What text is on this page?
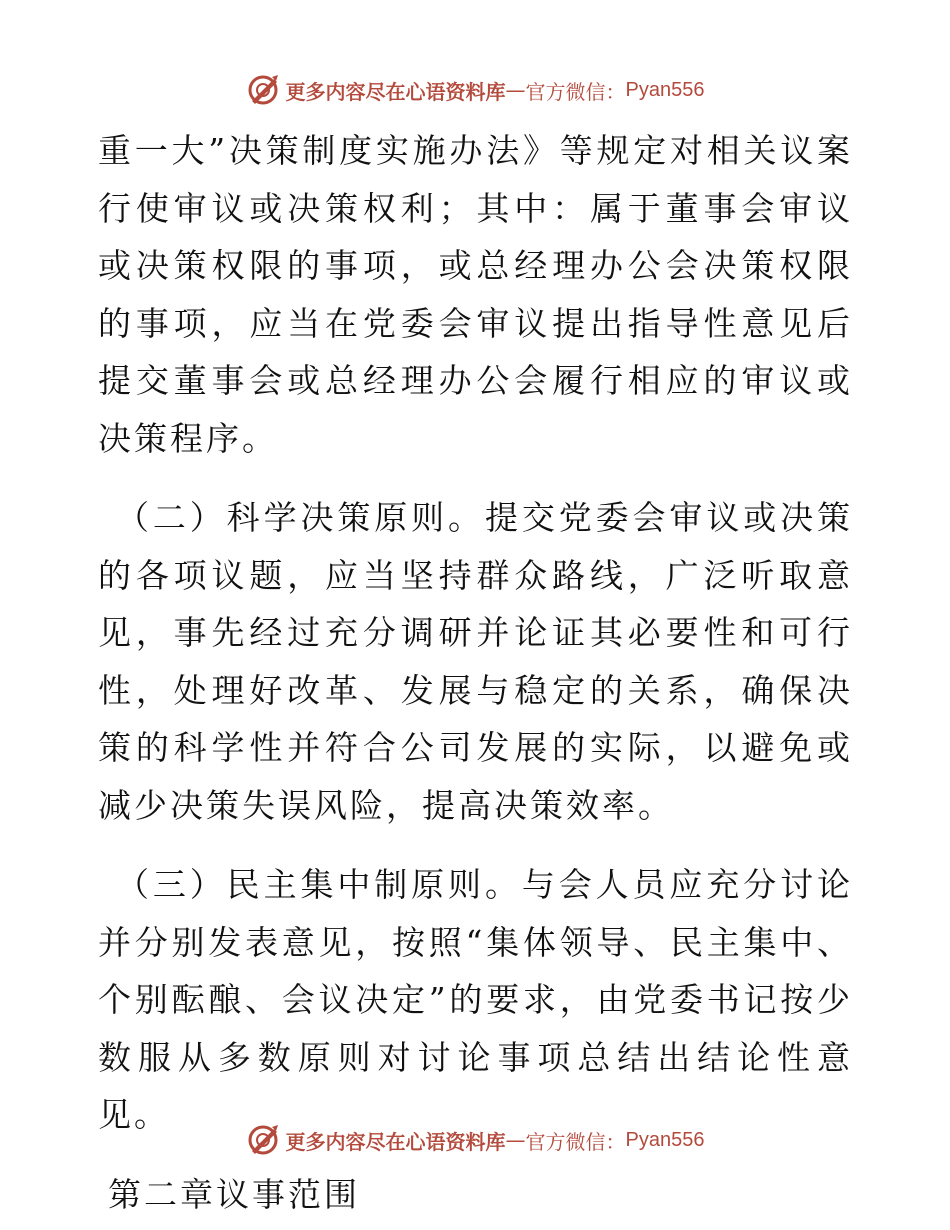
更多内容尽在心语资料库 — 官方微信： Pyan556

重一大”决策制度实施办法》等规定对相关议案行使审议或决策权利；其中：属于董事会审议或决策权限的事项，或总经理办公会决策权限的事项，应当在党委会审议提出指导性意见后提交董事会或总经理办公会履行相应的审议或决策程序。

（二）科学决策原则。提交党委会审议或决策的各项议题，应当坚持群众路线，广泛听取意见，事先经过充分调研并论证其必要性和可行性，处理好改革、发展与稳定的关系，确保决策的科学性并符合公司发展的实际，以避免或减少决策失误风险，提高决策效率。

（三）民主集中制原则。与会人员应充分讨论并分别发表意见，按照“集体领导、民主集中、个别酝酿、会议决定”的要求，由党委书记按少数服从多数原则对讨论事项总结出结论性意见。

第二章议事范围

更多内容尽在心语资料库 — 官方微信： Pyan556
